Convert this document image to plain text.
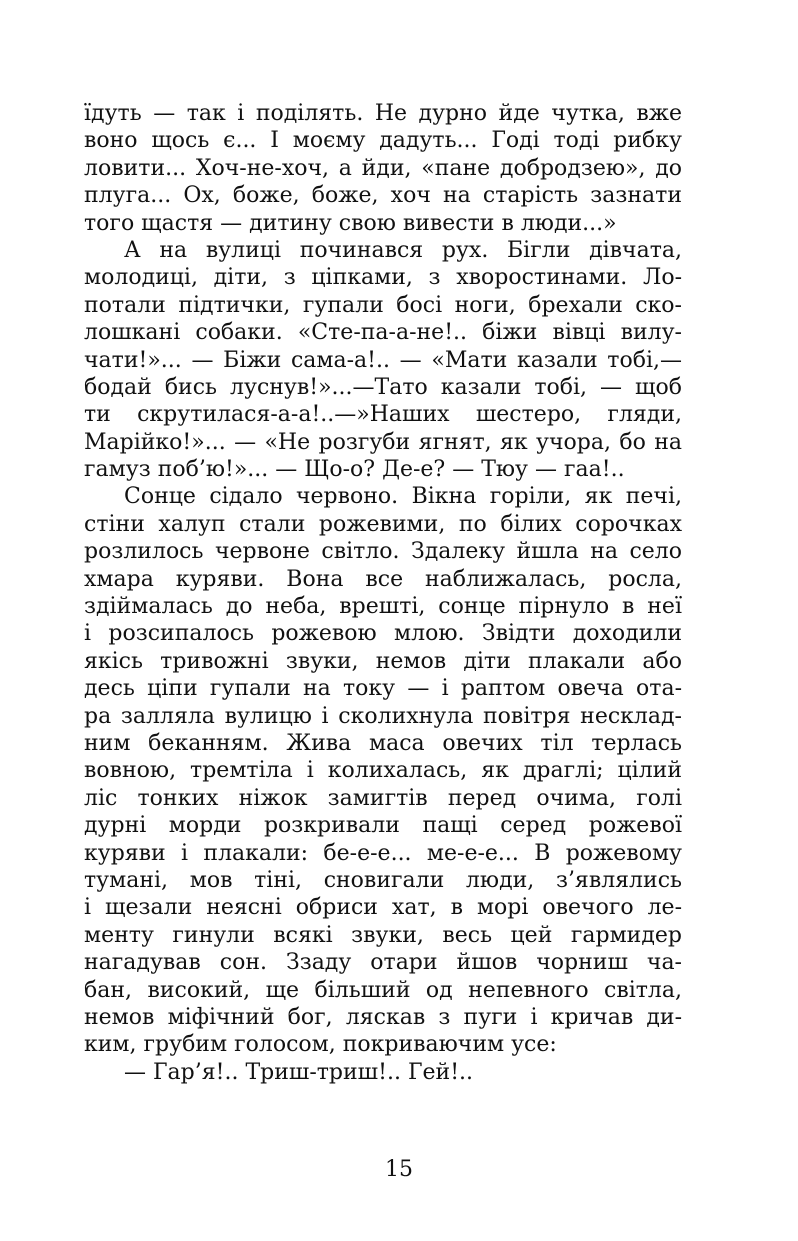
їдуть — так і поділять. Не дурно йде чутка, вже
воно щось є... І моєму дадуть... Годі тоді рибку
ловити... Хоч-не-хоч, а йди, «пане добродзею», до
плуга... Ох, боже, боже, хоч на старість зазнати
того щастя — дитину свою вивести в люди...»
А на вулиці починався рух. Бігли дівчата,
молодиці, діти, з ціпками, з хворостинами. Ло-
потали підтички, гупали босі ноги, брехали ско-
лошкані собаки. «Сте-па-а-не!.. біжи вівці вилу-
чати!»... — Біжи сама-а!.. — «Мати казали тобі,—
бодай бись луснув!»...—Тато казали тобі, — щоб
ти скрутилася-а-а!..—»Наших шестеро, гляди,
Марійко!»... — «Не розгуби ягнят, як учора, бо на
гамуз поб’ю!»... — Що-о? Де-е? — Тюу — гаа!..
Сонце сідало червоно. Вікна горіли, як печі,
стіни халуп стали рожевими, по білих сорочках
розлилось червоне світло. Здалеку йшла на село
хмара куряви. Вона все наближалась, росла,
здіймалась до неба, врешті, сонце пірнуло в неї
і розсипалось рожевою млою. Звідти доходили
якісь тривожні звуки, немов діти плакали або
десь ціпи гупали на току — і раптом овеча ота-
ра залляла вулицю і сколихнула повітря несклад-
ним беканням. Жива маса овечих тіл терлась
вовною, тремтіла і колихалась, як драглі; цілий
ліс тонких ніжок замигтів перед очима, голі
дурні морди розкривали пащі серед рожевої
куряви і плакали: бе-е-е... ме-е-е... В рожевому
тумані, мов тіні, сновигали люди, з’являлись
і щезали неясні обриси хат, в морі овечого ле-
менту гинули всякі звуки, весь цей гармидер
нагадував сон. Ззаду отари йшов чорниш ча-
бан, високий, ще більший од непевного світла,
немов міфічний бог, ляскав з пуги і кричав ди-
ким, грубим голосом, покриваючим усе:
— Гар’я!.. Триш-триш!.. Гей!..
15
